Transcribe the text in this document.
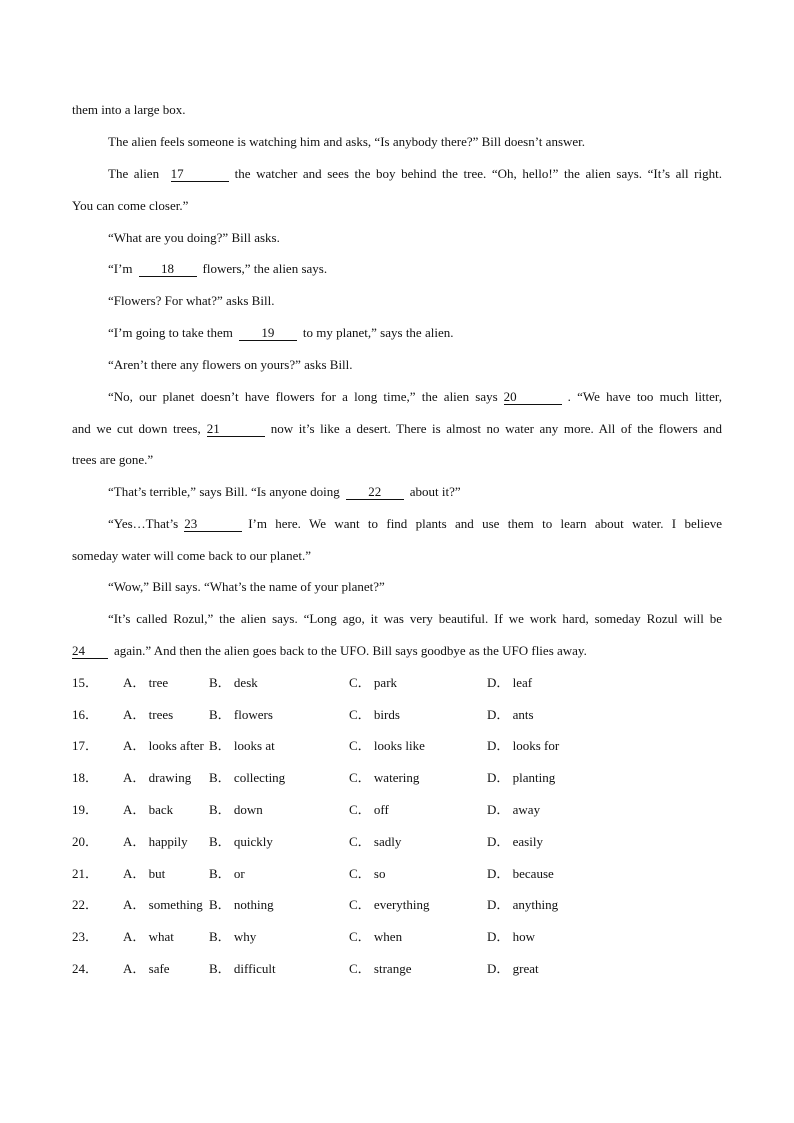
them into a large box.
The alien feels someone is watching him and asks, “Is anybody there?” Bill doesn’t answer.
The alien 17	the watcher and sees the boy behind the tree. “Oh, hello!” the alien says. “It’s all right.
You can come closer.”
“What are you doing?” Bill asks.
“I’m 18 flowers,” the alien says.
“Flowers? For what?” asks Bill.
“I’m going to take them 19 to my planet,” says the alien.
“Aren’t there any flowers on yours?” asks Bill.
“No, our planet doesn’t have flowers for a long time,” the alien says 20	. “We have too much litter,
and we cut down trees, 21	now it’s like a desert. There is almost no water any more. All of the flowers and
trees are gone.”
“That’s terrible,” says Bill. “Is anyone doing 22 about it?”
“Yes…That’s 23	I’m here. We want to find plants and use them to learn about water. I believe
someday water will come back to our planet.”
“Wow,” Bill says. “What’s the name of your planet?”
“It’s called Rozul,” the alien says. “Long ago, it was very beautiful. If we work hard, someday Rozul will be
24 again.” And then the alien goes back to the UFO. Bill says goodbye as the UFO flies away.
15． A． tree	B． desk	C． park	D． leaf
16． A． trees	B． flowers	C． birds	D． ants
17． A． looks after B． looks at	C． looks like	D． looks for
18． A． drawing B． collecting	C． watering	D． planting
19． A． back	B． down	C． off	D． away
20． A． happily B． quickly	C． sadly	D． easily
21． A． but	B． or	C． so	D． because
22． A． something B． nothing	C． everything	D． anything
23． A． what	B． why	C． when	D． how
24． A． safe	B． difficult	C． strange	D． great
